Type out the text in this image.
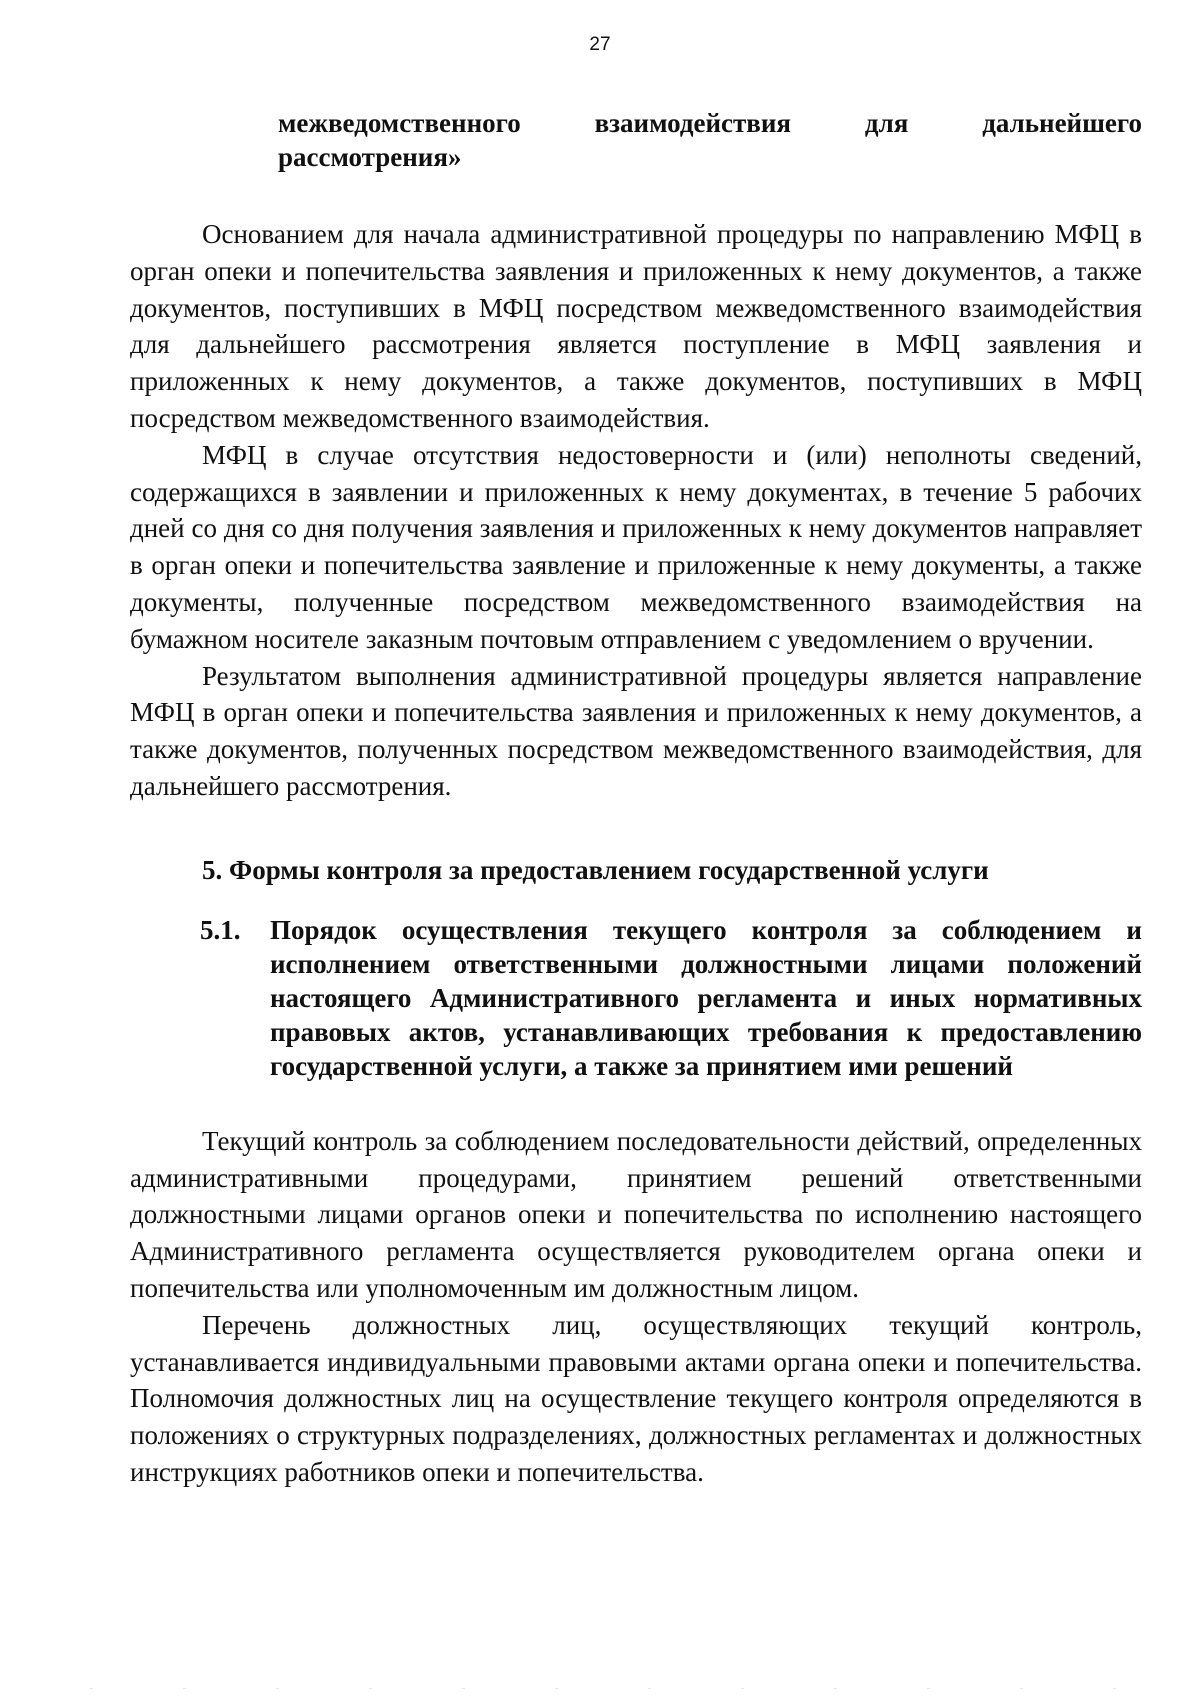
27
межведомственного взаимодействия для дальнейшего
рассмотрения»

Основанием для начала административной процедуры по направлению МФЦ в орган опеки и попечительства заявления и приложенных к нему документов, а также документов, поступивших в МФЦ посредством межведомственного взаимодействия для дальнейшего рассмотрения является поступление в МФЦ заявления и приложенных к нему документов, а также документов, поступивших в МФЦ посредством межведомственного взаимодействия.

МФЦ в случае отсутствия недостоверности и (или) неполноты сведений, содержащихся в заявлении и приложенных к нему документах, в течение 5 рабочих дней со дня со дня получения заявления и приложенных к нему документов направляет в орган опеки и попечительства заявление и приложенные к нему документы, а также документы, полученные посредством межведомственного взаимодействия на бумажном носителе заказным почтовым отправлением с уведомлением о вручении.

Результатом выполнения административной процедуры является направление МФЦ в орган опеки и попечительства заявления и приложенных к нему документов, а также документов, полученных посредством межведомственного взаимодействия, для дальнейшего рассмотрения.

5. Формы контроля за предоставлением государственной услуги
5.1.	Порядок осуществления текущего контроля за соблюдением и исполнением ответственными должностными лицами положений настоящего Административного регламента и иных нормативных правовых актов, устанавливающих требования к предоставлению государственной услуги, а также за принятием ими решений

Текущий контроль за соблюдением последовательности действий, определенных административными процедурами, принятием решений ответственными должностными лицами органов опеки и попечительства по исполнению настоящего Административного регламента осуществляется руководителем органа опеки и попечительства или уполномоченным им должностным лицом.

Перечень должностных лиц, осуществляющих текущий контроль, устанавливается индивидуальными правовыми актами органа опеки и попечительства. Полномочия должностных лиц на осуществление текущего контроля определяются в положениях о структурных подразделениях, должностных регламентах и должностных инструкциях работников опеки и попечительства.
